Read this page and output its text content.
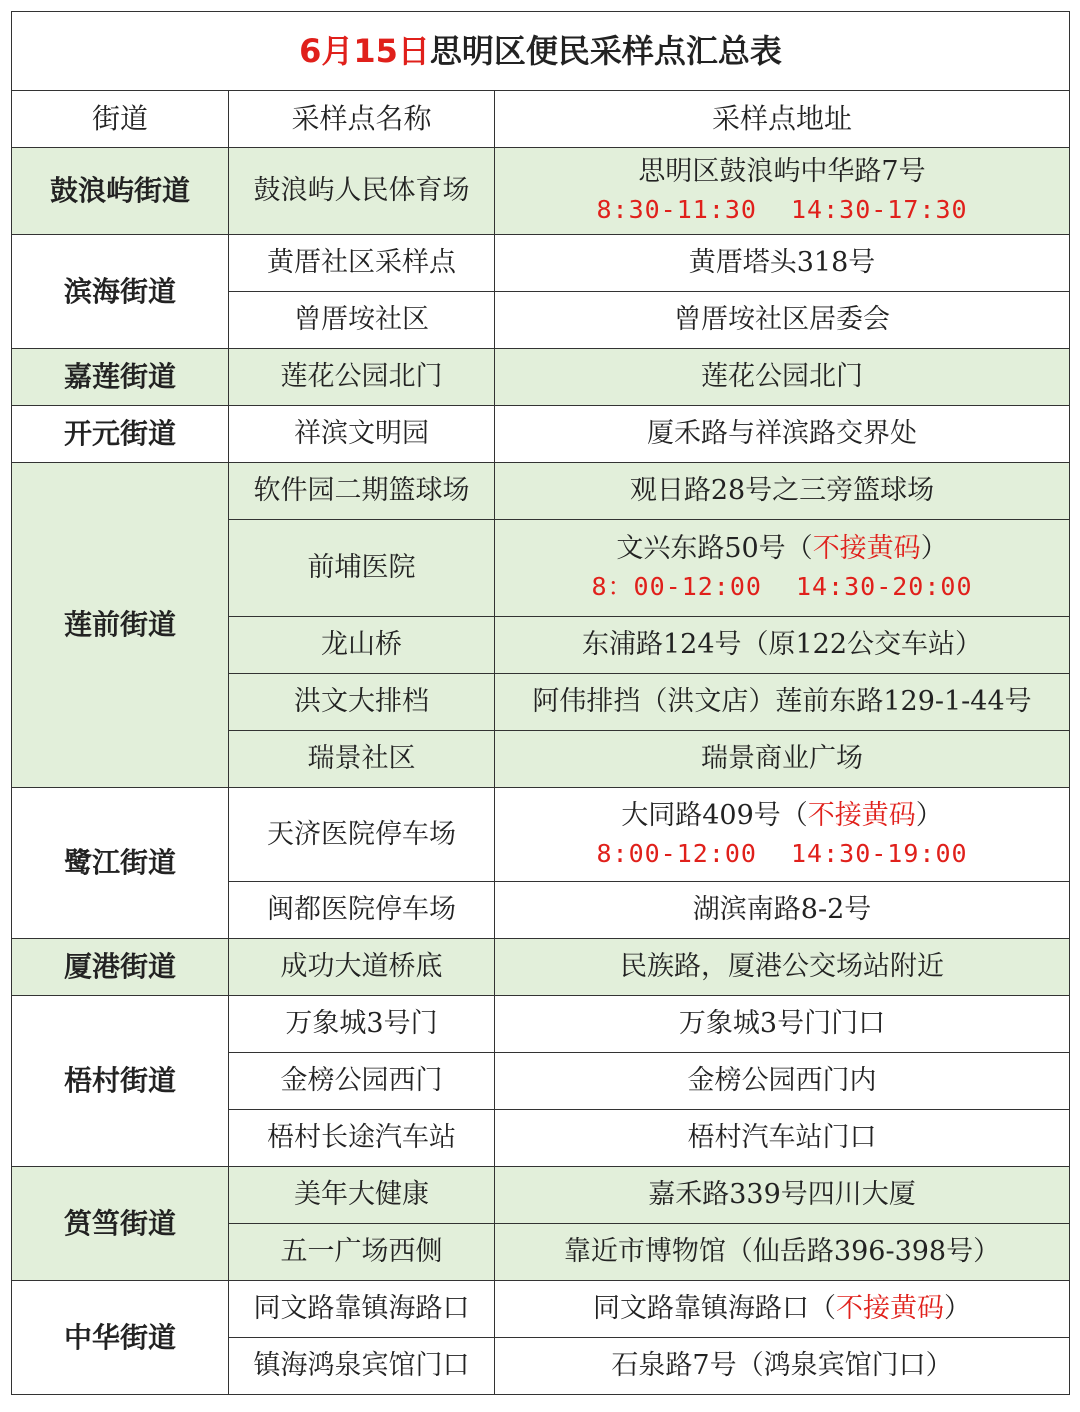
6月15日思明区便民采样点汇总表		
街道	采样点名称	采样点地址
鼓浪屿街道	鼓浪屿人民体育场	思明区鼓浪屿中华路7号
8:30-11:30 14:30-17:30

滨海街道	黄厝社区采样点	黄厝塔头318号
	曾厝垵社区	曾厝垵社区居委会
嘉莲街道	莲花公园北门	莲花公园北门
开元街道	祥滨文明园	厦禾路与祥滨路交界处
莲前街道	软件园二期篮球场	观日路28号之三旁篮球场
	前埔医院	文兴东路50号（不接黄码）
8：00-12:00 14:30-20:00

	龙山桥	东浦路124号（原122公交车站）
	洪文大排档	阿伟排挡（洪文店）莲前东路129-1-44号
	瑞景社区	瑞景商业广场
鹭江街道	天济医院停车场	大同路409号（不接黄码）
8:00-12:00 14:30-19:00

	闽都医院停车场	湖滨南路8-2号
厦港街道	成功大道桥底	民族路，厦港公交场站附近
梧村街道	万象城3号门	万象城3号门门口
	金榜公园西门	金榜公园西门内
	梧村长途汽车站	梧村汽车站门口
筼筜街道	美年大健康	嘉禾路339号四川大厦
	五一广场西侧	靠近市博物馆（仙岳路396-398号）
中华街道	同文路靠镇海路口	同文路靠镇海路口（不接黄码）
	镇海鸿泉宾馆门口	石泉路7号（鸿泉宾馆门口）
